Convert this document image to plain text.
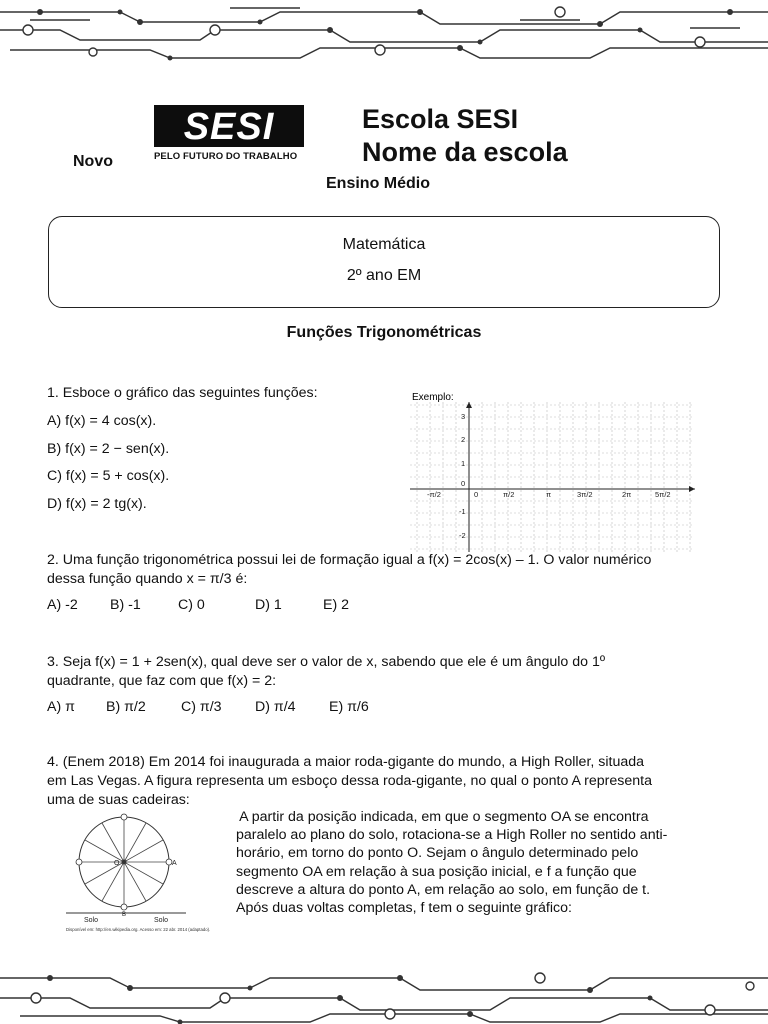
Novo
SESI
PELO FUTURO DO TRABALHO
Escola SESI
Nome da escola
Ensino Médio
Matemática
2º ano EM
Funções Trigonométricas
1. Esboce o gráfico das seguintes funções:
A) f(x) = 4 cos(x).
B) f(x) = 2 − sen(x).
C) f(x) = 5 + cos(x).
D) f(x) = 2 tg(x).
Exemplo:
-π/2	0	π/2	π	3π/2	2π	5π/2
3
2
1
0
-1
-2
2. Uma função trigonométrica possui lei de formação igual a f(x) = 2cos(x) – 1. O valor numérico
dessa função quando x = π/3 é:
A) -2 B) -1	C) 0	D) 1	E) 2
3. Seja f(x) = 1 + 2sen(x), qual deve ser o valor de x, sabendo que ele é um ângulo do 1º
quadrante, que faz com que f(x) = 2:
A) π B) π/2 C) π/3 D) π/4 E) π/6
4. (Enem 2018) Em 2014 foi inaugurada a maior roda-gigante do mundo, a High Roller, situada
em Las Vegas. A figura representa um esboço dessa roda-gigante, no qual o ponto A representa
uma de suas cadeiras:
O	A
B
Solo	Solo
Disponível em: http://en.wikipedia.org. Acesso em: 22 abr. 2014 (adaptado).
A partir da posição indicada, em que o segmento OA se encontra
paralelo ao plano do solo, rotaciona-se a High Roller no sentido anti-
horário, em torno do ponto O. Sejam o ângulo determinado pelo
segmento OA em relação à sua posição inicial, e f a função que
descreve a altura do ponto A, em relação ao solo, em função de t.
Após duas voltas completas, f tem o seguinte gráfico:
